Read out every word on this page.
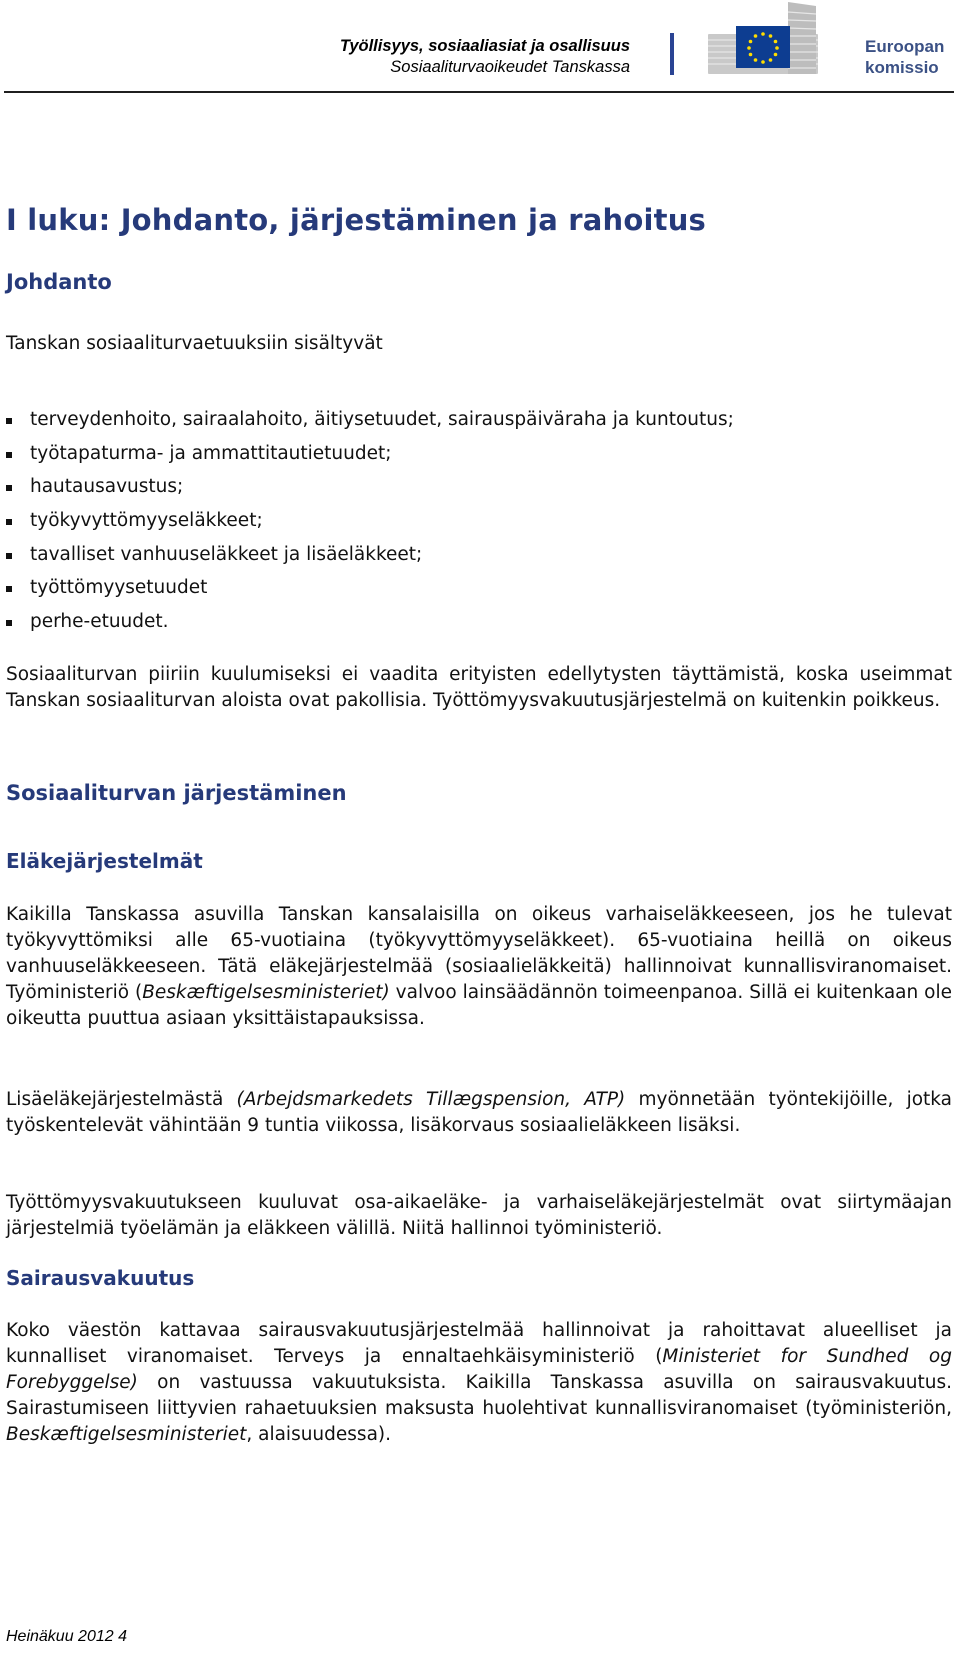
Työllisyys, sosiaaliasiat ja osallisuus
Sosiaaliturvaoikeudet Tanskassa
Euroopan
komissio
I luku: Johdanto, järjestäminen ja rahoitus
Johdanto

Tanskan sosiaaliturvaetuuksiin sisältyvät

terveydenhoito, sairaalahoito, äitiysetuudet, sairauspäiväraha ja kuntoutus;
työtapaturma- ja ammattitautietuudet;
hautausavustus;
työkyvyttömyyseläkkeet;
tavalliset vanhuuseläkkeet ja lisäeläkkeet;
työttömyysetuudet
perhe-etuudet.

Sosiaaliturvan piiriin kuulumiseksi ei vaadita erityisten edellytysten täyttämistä, koska useimmat Tanskan sosiaaliturvan aloista ovat pakollisia. Työttömyysvakuutusjärjestelmä on kuitenkin poikkeus.

Sosiaaliturvan järjestäminen
Eläkejärjestelmät

Kaikilla Tanskassa asuvilla Tanskan kansalaisilla on oikeus varhaiseläkkeeseen, jos he tulevat työkyvyttömiksi alle 65-vuotiaina (työkyvyttömyyseläkkeet). 65-vuotiaina heillä on oikeus vanhuuseläkkeeseen. Tätä eläkejärjestelmää (sosiaalieläkkeitä) hallinnoivat kunnallisviranomaiset. Työministeriö (Beskæftigelsesministeriet) valvoo lainsäädännön toimeenpanoa. Sillä ei kuitenkaan ole oikeutta puuttua asiaan yksittäistapauksissa.

Lisäeläkejärjestelmästä (Arbejdsmarkedets Tillægspension, ATP) myönnetään työntekijöille, jotka työskentelevät vähintään 9 tuntia viikossa, lisäkorvaus sosiaalieläkkeen lisäksi.

Työttömyysvakuutukseen kuuluvat osa-aikaeläke- ja varhaiseläkejärjestelmät ovat siirtymäajan järjestelmiä työelämän ja eläkkeen välillä. Niitä hallinnoi työministeriö.

Sairausvakuutus

Koko väestön kattavaa sairausvakuutusjärjestelmää hallinnoivat ja rahoittavat alueelliset ja kunnalliset viranomaiset. Terveys ja ennaltaehkäisyministeriö (Ministeriet for Sundhed og Forebyggelse) on vastuussa vakuutuksista. Kaikilla Tanskassa asuvilla on sairausvakuutus. Sairastumiseen liittyvien rahaetuuksien maksusta huolehtivat kunnallisviranomaiset (työministeriön, Beskæftigelsesministeriet, alaisuudessa).

Heinäkuu 2012 4
